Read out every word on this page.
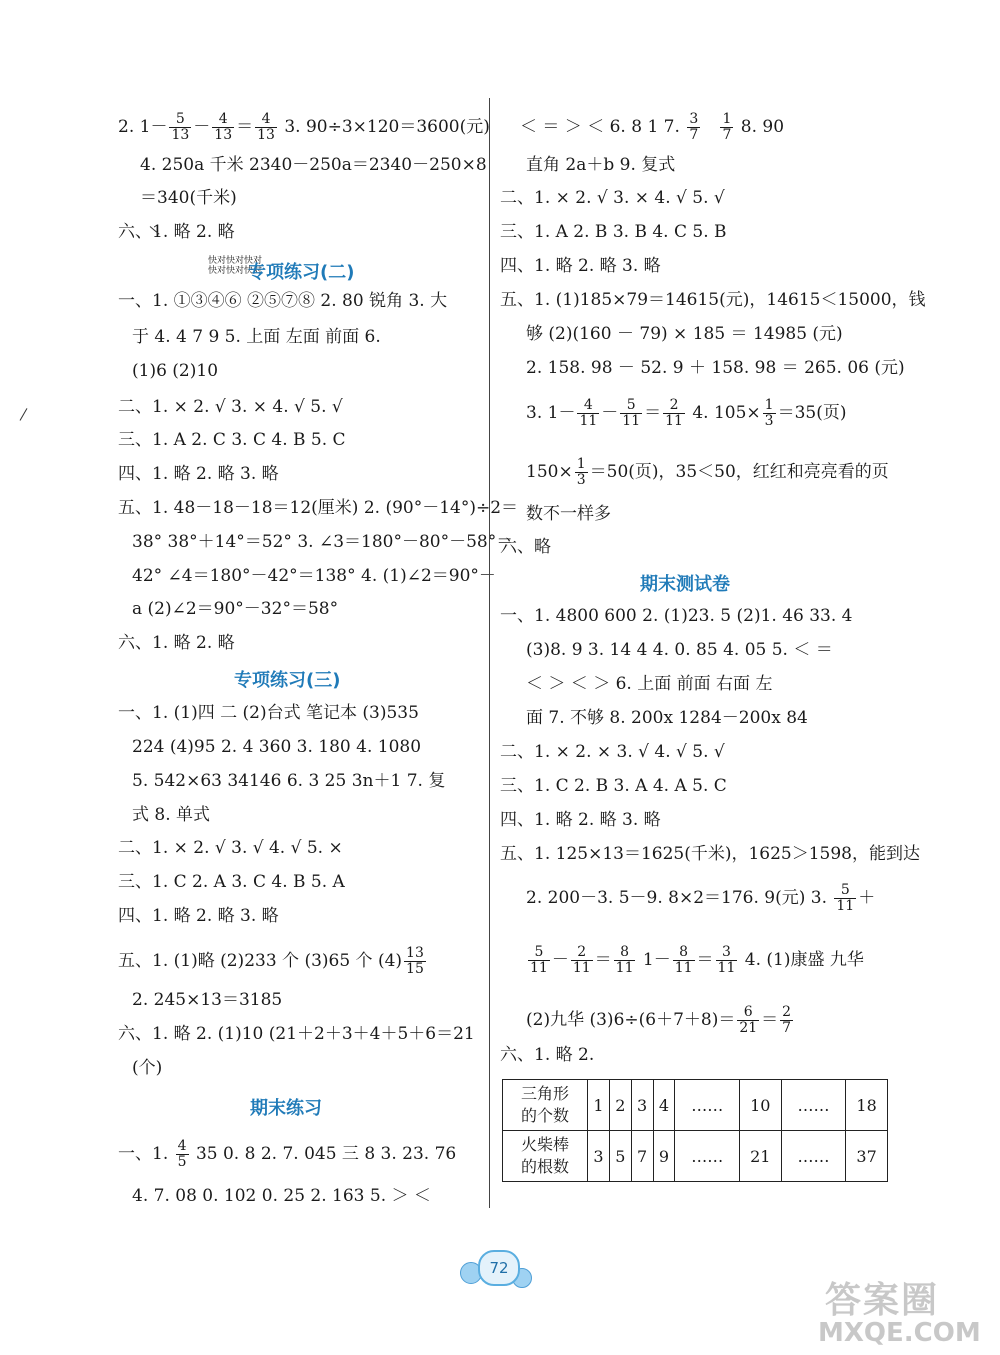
2. $1- \frac{5}{13} - \frac{4}{13} = \frac{4}{13} 3$. 90÷3×120＝3600(元)
4. 250a 千米 2340－250a＝2340－250×8
＝340(千米)
六、1. 略 2. 略
快对快对快对
快对快对快对
专项练习(二)
一、1. ①③④⑥ ②⑤⑦⑧ 2. 80 锐角 3. 大
于 4. 4 7 9 5. 上面 左面 前面 6.
(1)6 (2)10
二、1. × 2. √ 3. × 4. √ 5. √
三、1. A 2. C 3. C 4. B 5. C
四、1. 略 2. 略 3. 略
五、1. 48－18－18＝12(厘米) 2. (90°－14°)÷2＝
38° 38°＋14°＝52° 3. ∠3＝180°－80°－58°＝
42° ∠4＝180°－42°＝138° 4. (1)∠2＝90°－
a (2)∠2＝90°－32°＝58°
六、1. 略 2. 略
专项练习(三)
一、1. (1)四 二 (2)台式 笔记本 (3)535
224 (4)95 2. 4 360 3. 180 4. 1080
5. 542×63 34146 6. 3 25 3n＋1 7. 复
式 8. 单式
二、1. × 2. √ 3. √ 4. √ 5. ×
三、1. C 2. A 3. C 4. B 5. A
四、1. 略 2. 略 3. 略
五、1. (1)略 (2)233 个 (3)65 个 $(4) \frac{13}{15}$
2. 245×13＝3185
六、1. 略 2. (1)10 (21＋2＋3＋4＋5＋6＝21
(个)
期末练习
一、1. $\frac{4}{5} 35$ 0. 8 2. 7. 045 三 8 3. 23. 76
4. 7. 08 0. 102 0. 25 2. 163 5. ＞ ＜
＜ ＝ ＞ ＜ 6. 8 1 7. $\frac{3}{7}$
$\frac{1}{7} 8$. 90
直角 2a＋b 9. 复式
二、1. × 2. √ 3. × 4. √ 5. √
三、1. A 2. B 3. B 4. C 5. B
四、1. 略 2. 略 3. 略
五、1. (1)185×79＝14615(元)，14615＜15000，钱
够 (2)(160 － 79) × 185 ＝ 14985 (元)
2. 158. 98 － 52. 9 ＋ 158. 98 ＝ 265. 06 (元)
3. $1- \frac{4}{11} - \frac{5}{11} = \frac{2}{11} 4$. $105\times \frac{1}{3} =35$(页)
$150\times \frac{1}{3} =50$(页)，35＜50，红红和亮亮看的页
数不一样多
六、略
期末测试卷
一、1. 4800 600 2. (1)23. 5 (2)1. 46 33. 4
(3)8. 9 3. 14 4 4. 0. 85 4. 05 5. ＜ ＝
＜ ＞ ＜ ＞ 6. 上面 前面 右面 左
面 7. 不够 8. 200x 1284－200x 84
二、1. × 2. × 3. √ 4. √ 5. √
三、1. C 2. B 3. A 4. A 5. C
四、1. 略 2. 略 3. 略
五、1. 125×13＝1625(千米)，1625＞1598，能到达
2. 200－3. 5－9. 8×2＝176. 9(元) 3. $\frac{5}{11}$ ＋
$\frac{5}{11} - \frac{2}{11} = \frac{8}{11} 1- \frac{8}{11} = \frac{3}{11} 4$. (1)康盛 九华
(2)九华 $(3)6\div(6+7+8)= \frac{6}{21} = \frac{2}{7}$
六、1. 略 2.
三角形
的个数	1	2	3	4	……	10	……	18

火柴棒
的根数	3	5	7	9	……	21	……	37
72
答案圈
MXQE.COM
